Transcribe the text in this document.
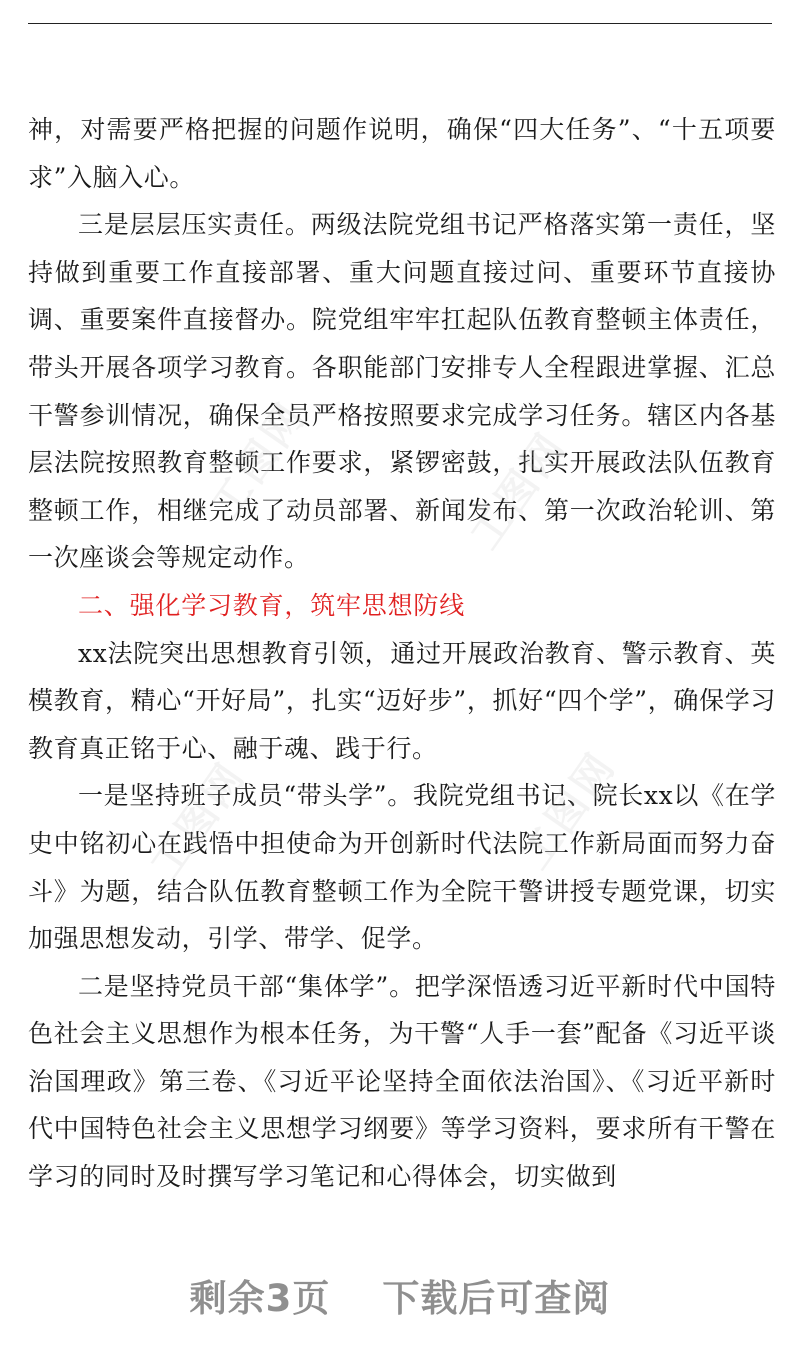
神，对需要严格把握的问题作说明，确保“四大任务”、“十五项要求”入脑入心。

三是层层压实责任。两级法院党组书记严格落实第一责任，坚持做到重要工作直接部署、重大问题直接过问、重要环节直接协调、重要案件直接督办。院党组牢牢扛起队伍教育整顿主体责任，带头开展各项学习教育。各职能部门安排专人全程跟进掌握、汇总干警参训情况，确保全员严格按照要求完成学习任务。辖区内各基层法院按照教育整顿工作要求，紧锣密鼓，扎实开展政法队伍教育整顿工作，相继完成了动员部署、新闻发布、第一次政治轮训、第一次座谈会等规定动作。

二、强化学习教育，筑牢思想防线

xx法院突出思想教育引领，通过开展政治教育、警示教育、英模教育，精心“开好局”，扎实“迈好步”，抓好“四个学”，确保学习教育真正铭于心、融于魂、践于行。

一是坚持班子成员“带头学”。我院党组书记、院长xx以《在学史中铭初心在践悟中担使命为开创新时代法院工作新局面而努力奋斗》为题，结合队伍教育整顿工作为全院干警讲授专题党课，切实加强思想发动，引学、带学、促学。

二是坚持党员干部“集体学”。把学深悟透习近平新时代中国特色社会主义思想作为根本任务，为干警“人手一套”配备《习近平谈治国理政》第三卷、《习近平论坚持全面依法治国》、《习近平新时代中国特色社会主义思想学习纲要》等学习资料，要求所有干警在学习的同时及时撰写学习笔记和心得体会，切实做到

工图网	工图网
工图网	工图网
剩余3页 下载后可查阅
